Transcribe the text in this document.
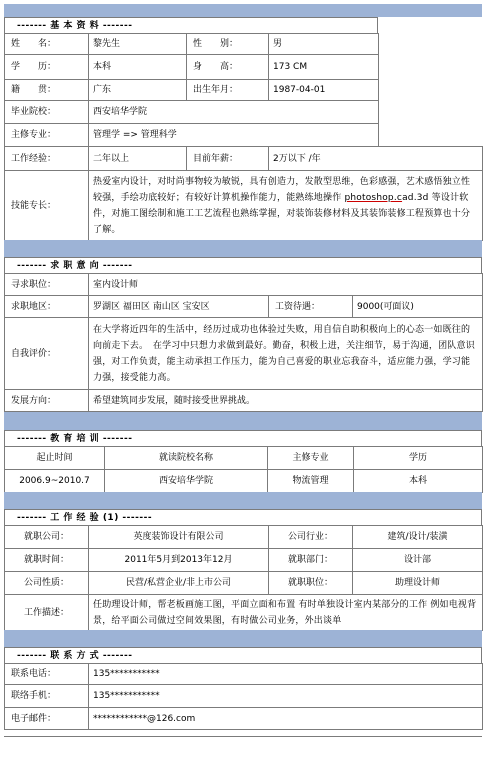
------- 基 本 资 料 -------
姓　　名：	黎先生	性　　别：	男
学　　历：	本科	身　　高：	173 CM
籍　　贯：	广东	出生年月：	1987-04-01
毕业院校：	西安培华学院		
主修专业：	管理学 => 管理科学		
工作经验：	二年以上	目前年薪：	2万以下 /年
技能专长：	热爱室内设计，对时尚事物较为敏锐，具有创造力，发散型思维，色彩感强，艺术感悟独立性较强，手绘功底较好；有较好计算机操作能力，能熟练地操作 photoshop.cad.3d 等设计软件，对施工图绘制和施工工艺流程也熟练掌握，对装饰装修材料及其装饰装修工程预算也十分了解。		
------- 求 职 意 向 -------
寻求职位：	室内设计师		
求职地区：	罗湖区 福田区 南山区 宝安区	工资待遇：	9000(可面议)
自我评价：	在大学将近四年的生活中，经历过成功也体验过失败，用自信自助积极向上的心态一如既往的向前走下去。　在学习中只想力求做到最好。勤奋，积极上进，关注细节，易于沟通，团队意识强，对工作负责，能主动承担工作压力，能为自己喜爱的职业忘我奋斗，适应能力强，学习能力强，接受能力高。		
发展方向：	希望建筑同步发展，随时接受世界挑战。		
------- 教 育 培 训 -------
起止时间	就读院校名称	主修专业	学历
2006.9~2010.7	西安培华学院	物流管理	本科
------- 工 作 经 验 (1) -------
就职公司：	英度装饰设计有限公司	公司行业：	建筑/设计/装潢
就职时间：	2011年5月到2013年12月	就职部门：	设计部
公司性质：	民营/私营企业/非上市公司	就职职位：	助理设计师
工作描述：	任助理设计师，帮老板画施工图，平面立面和布置 有时单独设计室内某部分的工作 例如电视背景，给平面公司做过空间效果图，有时做公司业务，外出谈单		
------- 联 系 方 式 -------
联系电话：	135***********
联络手机：	135***********
电子邮件：	************@126.com
